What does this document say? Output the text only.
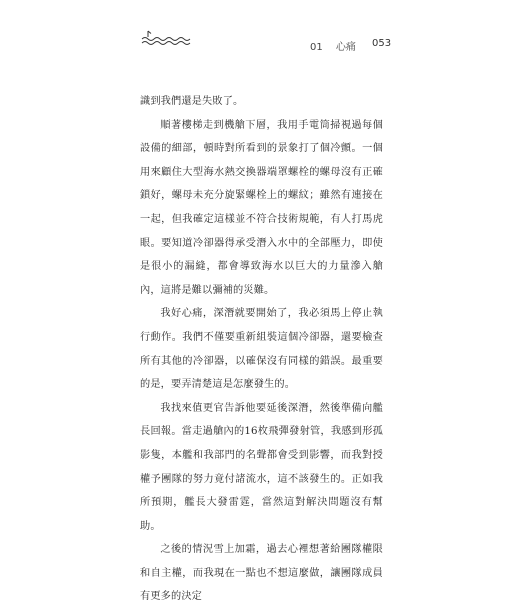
01 心痛 053

識到我們還是失敗了。

順著樓梯走到機艙下層，我用手電筒掃視過每個設備的細部，頓時對所看到的景象打了個冷顫。一個用來顧住大型海水熱交換器端罩螺栓的螺母沒有正確鎖好，螺母未充分旋緊螺栓上的螺紋；雖然有連接在一起，但我確定這樣並不符合技術規範，有人打馬虎眼。要知道冷卻器得承受潛入水中的全部壓力，即使是很小的漏縫，都會導致海水以巨大的力量滲入艙內，這將是難以彌補的災難。

我好心痛，深潛就要開始了，我必須馬上停止執行動作。我們不僅要重新組裝這個冷卻器，還要檢查所有其他的冷卻器，以確保沒有同樣的錯誤。最重要的是，要弄清楚這是怎麼發生的。

我找來值更官告訴他要延後深潛，然後準備向艦長回報。當走過艙內的16枚飛彈發射管，我感到形孤影隻，本艦和我部門的名聲都會受到影響，而我對授權予團隊的努力竟付諸流水，這不該發生的。正如我所預期，艦長大發雷霆，當然這對解決問題沒有幫助。

之後的情況雪上加霜，過去心裡想著給團隊權限和自主權，而我現在一點也不想這麼做，讓團隊成員有更多的決定
